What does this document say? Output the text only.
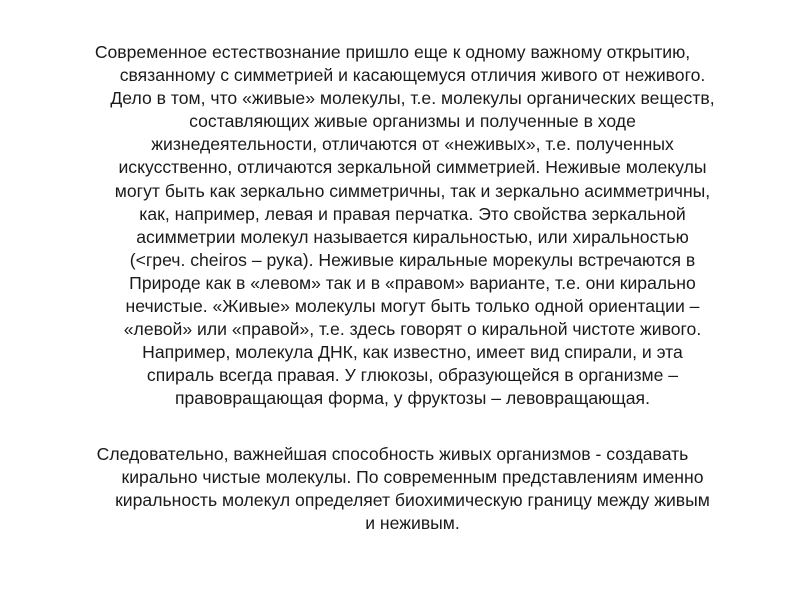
Современное естествознание пришло еще к одному важному открытию,
связанному с симметрией и касающемуся отличия живого от неживого.
Дело в том, что «живые» молекулы, т.е. молекулы органических веществ,
составляющих живые организмы и полученные в ходе
жизнедеятельности, отличаются от «неживых», т.е. полученных
искусственно, отличаются зеркальной симметрией. Неживые молекулы
могут быть как зеркально симметричны, так и зеркально асимметричны,
как, например, левая и правая перчатка. Это свойства зеркальной
асимметрии молекул называется киральностью, или хиральностью
(<греч. cheiros – рука). Неживые киральные морекулы встречаются в
Природе как в «левом» так и в «правом» варианте, т.е. они кирально
нечистые. «Живые» молекулы могут быть только одной ориентации –
«левой» или «правой», т.е. здесь говорят о киральной чистоте живого.
Например, молекула ДНК, как известно, имеет вид спирали, и эта
спираль всегда правая. У глюкозы, образующейся в организме –
правовращающая форма, у фруктозы – левовращающая.
Следовательно, важнейшая способность живых организмов - создавать
кирально чистые молекулы. По современным представлениям именно
киральность молекул определяет биохимическую границу между живым
и неживым.
